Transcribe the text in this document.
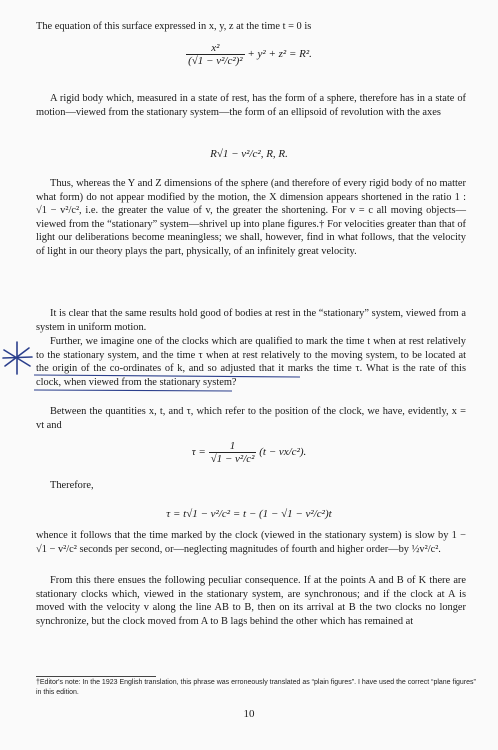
The equation of this surface expressed in x, y, z at the time t = 0 is

$\frac{\text{x²}}{\text{(√1 − v²/c²)²}} + y^2 + z^2 = R^2$.

A rigid body which, measured in a state of rest, has the form of a sphere, therefore has in a state of motion—viewed from the stationary system—the form of an ellipsoid of revolution with the axes

R√1 − v²/c², R, R.

Thus, whereas the Y and Z dimensions of the sphere (and therefore of every rigid body of no matter what form) do not appear modified by the motion, the X dimension appears shortened in the ratio 1 : √1 − v²/c², i.e. the greater the value of v, the greater the shortening. For v = c all moving objects—viewed from the “stationary” system—shrivel up into plane figures.† For velocities greater than that of light our deliberations become meaningless; we shall, however, find in what follows, that the velocity of light in our theory plays the part, physically, of an infinitely great velocity.

It is clear that the same results hold good of bodies at rest in the “stationary” system, viewed from a system in uniform motion.

Further, we imagine one of the clocks which are qualified to mark the time t when at rest relatively to the stationary system, and the time τ when at rest relatively to the moving system, to be located at the origin of the co-ordinates of k, and so adjusted that it marks the time τ. What is the rate of this clock, when viewed from the stationary system?

Between the quantities x, t, and τ, which refer to the position of the clock, we have, evidently, x = vt and

$\tau = \frac{1}{\text{√1 − v²/c²}} (t - vx/c^2)$.

Therefore,

τ = t√1 − v²/c² = t − (1 − √1 − v²/c²)t

whence it follows that the time marked by the clock (viewed in the stationary system) is slow by 1 − √1 − v²/c² seconds per second, or—neglecting magnitudes of fourth and higher order—by ½v²/c².

From this there ensues the following peculiar consequence. If at the points A and B of K there are stationary clocks which, viewed in the stationary system, are synchronous; and if the clock at A is moved with the velocity v along the line AB to B, then on its arrival at B the two clocks no longer synchronize, but the clock moved from A to B lags behind the other which has remained at

†Editor's note: In the 1923 English translation, this phrase was erroneously translated as “plain figures”. I have used the correct “plane figures” in this edition.

10
